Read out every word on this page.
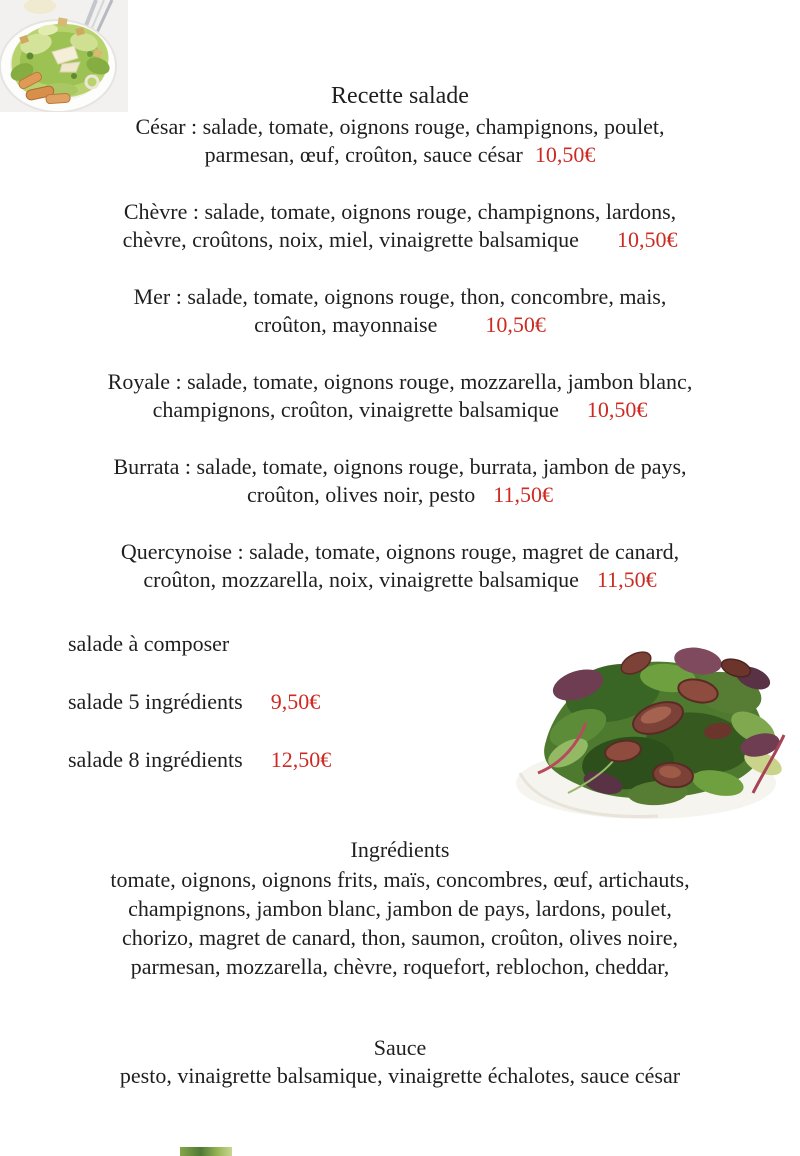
Recette salade

César : salade, tomate, oignons rouge, champignons, poulet,
parmesan, œuf, croûton, sauce césar 10,50€

Chèvre : salade, tomate, oignons rouge, champignons, lardons,
chèvre, croûtons, noix, miel, vinaigrette balsamique 10,50€

Mer : salade, tomate, oignons rouge, thon, concombre, mais,
croûton, mayonnaise 10,50€

Royale : salade, tomate, oignons rouge, mozzarella, jambon blanc,
champignons, croûton, vinaigrette balsamique 10,50€

Burrata : salade, tomate, oignons rouge, burrata, jambon de pays,
croûton, olives noir, pesto 11,50€

Quercynoise : salade, tomate, oignons rouge, magret de canard,
croûton, mozzarella, noix, vinaigrette balsamique 11,50€

salade à composer
salade 5 ingrédients 9,50€
salade 8 ingrédients 12,50€
Ingrédients
tomate, oignons, oignons frits, maïs, concombres, œuf, artichauts,
champignons, jambon blanc, jambon de pays, lardons, poulet,
chorizo, magret de canard, thon, saumon, croûton, olives noire,
parmesan, mozzarella, chèvre, roquefort, reblochon, cheddar,
Sauce
pesto, vinaigrette balsamique, vinaigrette échalotes, sauce césar
